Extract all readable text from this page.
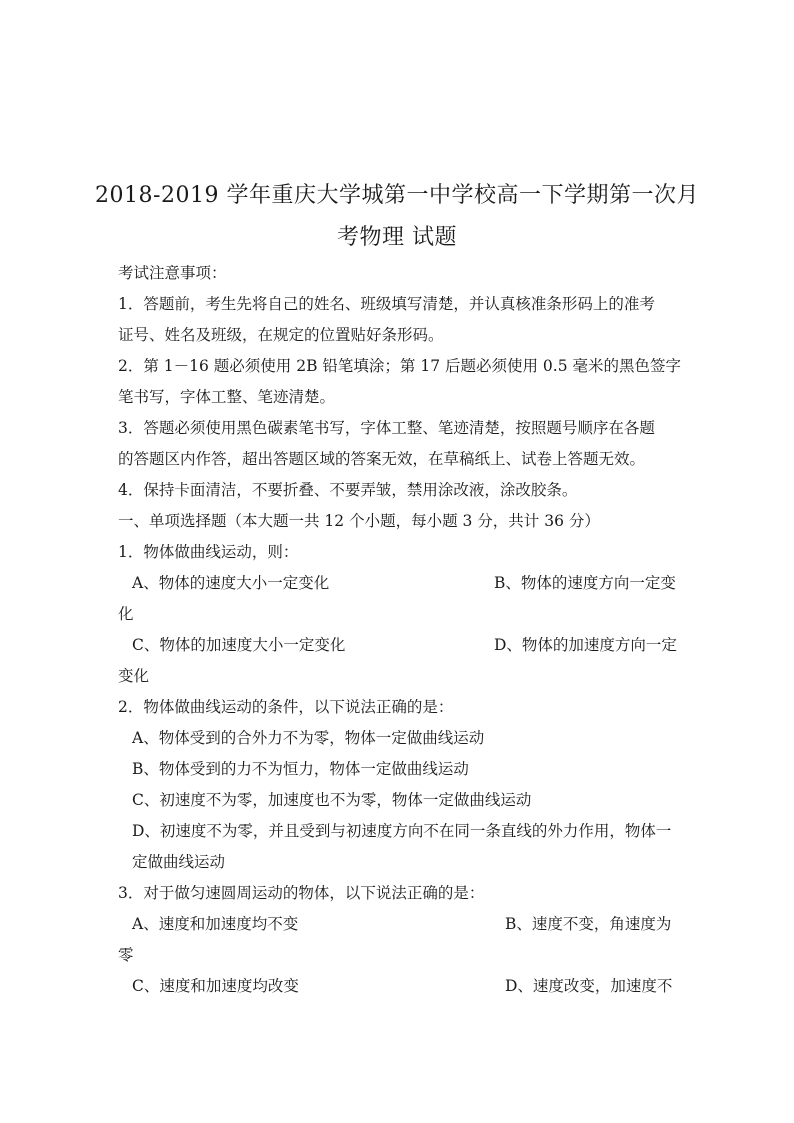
2018-2019 学年重庆大学城第一中学校高一下学期第一次月
考物理 试题
考试注意事项：
1．答题前，考生先将自己的姓名、班级填写清楚，并认真核准条形码上的准考
证号、姓名及班级，在规定的位置贴好条形码。
2．第 1－16 题必须使用 2B 铅笔填涂；第 17 后题必须使用 0.5 毫米的黑色签字
笔书写，字体工整、笔迹清楚。
3．答题必须使用黑色碳素笔书写，字体工整、笔迹清楚，按照题号顺序在各题
的答题区内作答，超出答题区域的答案无效，在草稿纸上、试卷上答题无效。
4．保持卡面清洁，不要折叠、不要弄皱，禁用涂改液，涂改胶条。
一、单项选择题（本大题一共 12 个小题，每小题 3 分，共计 36 分）
1．物体做曲线运动，则：
A、物体的速度大小一定变化	B、物体的速度方向一定变
化
C、物体的加速度大小一定变化	D、物体的加速度方向一定
变化
2．物体做曲线运动的条件，以下说法正确的是：
A、物体受到的合外力不为零，物体一定做曲线运动
B、物体受到的力不为恒力，物体一定做曲线运动
C、初速度不为零，加速度也不为零，物体一定做曲线运动
D、初速度不为零，并且受到与初速度方向不在同一条直线的外力作用，物体一
定做曲线运动
3．对于做匀速圆周运动的物体，以下说法正确的是：
A、速度和加速度均不变	B、速度不变，角速度为
零
C、速度和加速度均改变	D、速度改变，加速度不
